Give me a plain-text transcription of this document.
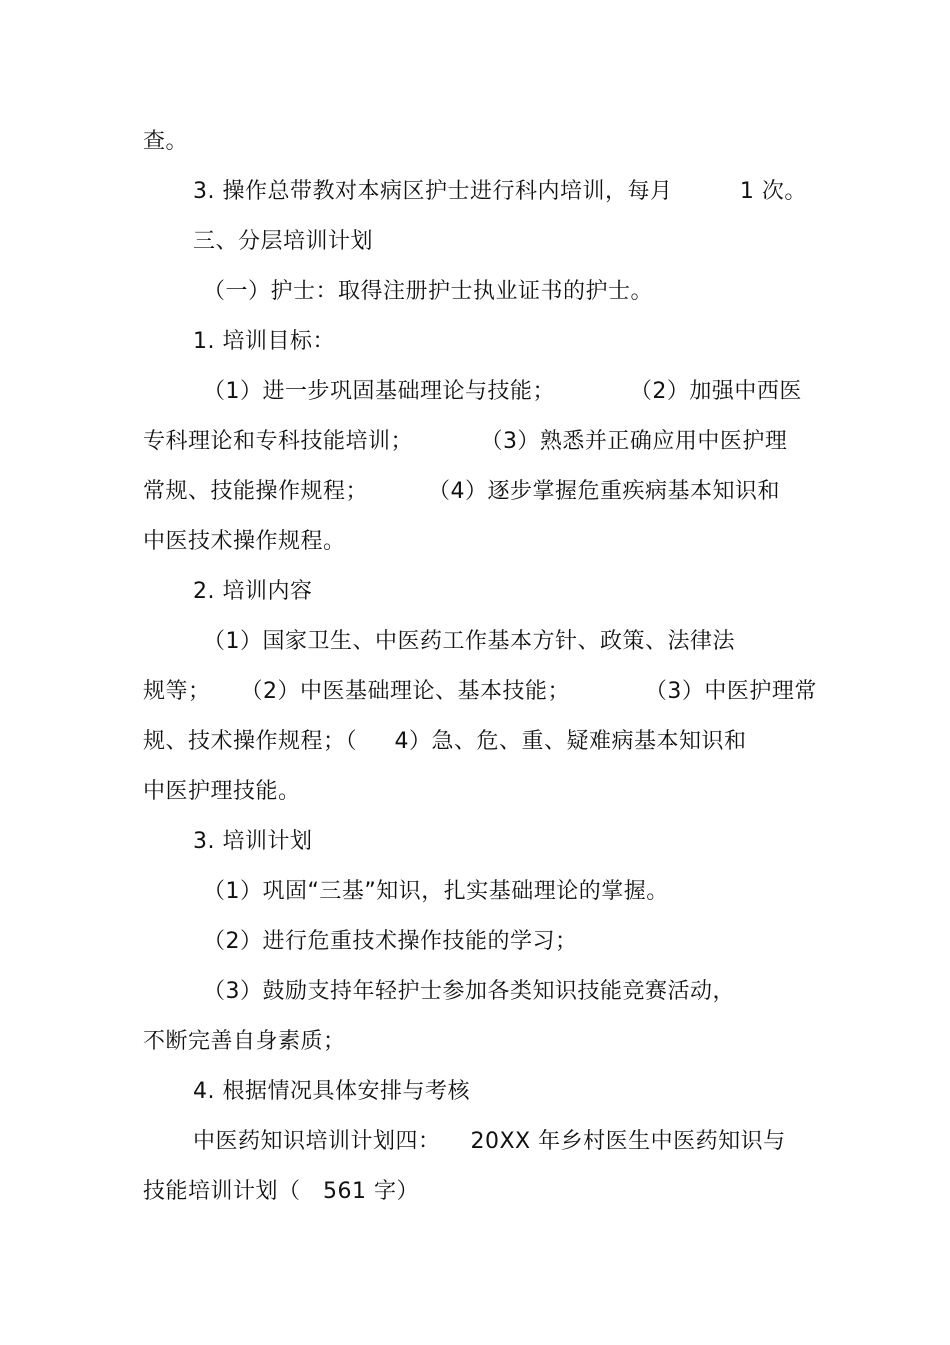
查。
3. 操作总带教对本病区护士进行科内培训，每月         1 次。
三、分层培训计划
（一）护士：取得注册护士执业证书的护士。
1. 培训目标：
（1）进一步巩固基础理论与技能；          （2）加强中西医
专科理论和专科技能培训；         （3）熟悉并正确应用中医护理
常规、技能操作规程；        （4）逐步掌握危重疾病基本知识和
中医技术操作规程。
2. 培训内容
（1）国家卫生、中医药工作基本方针、政策、法律法
规等；    （2）中医基础理论、基本技能；          （3）中医护理常
规、技术操作规程；（     4）急、危、重、疑难病基本知识和
中医护理技能。
3. 培训计划
（1）巩固“三基”知识，扎实基础理论的掌握。
（2）进行危重技术操作技能的学习；
（3）鼓励支持年轻护士参加各类知识技能竞赛活动，
不断完善自身素质；
4. 根据情况具体安排与考核
中医药知识培训计划四：    20XX 年乡村医生中医药知识与
技能培训计划（   561 字）
